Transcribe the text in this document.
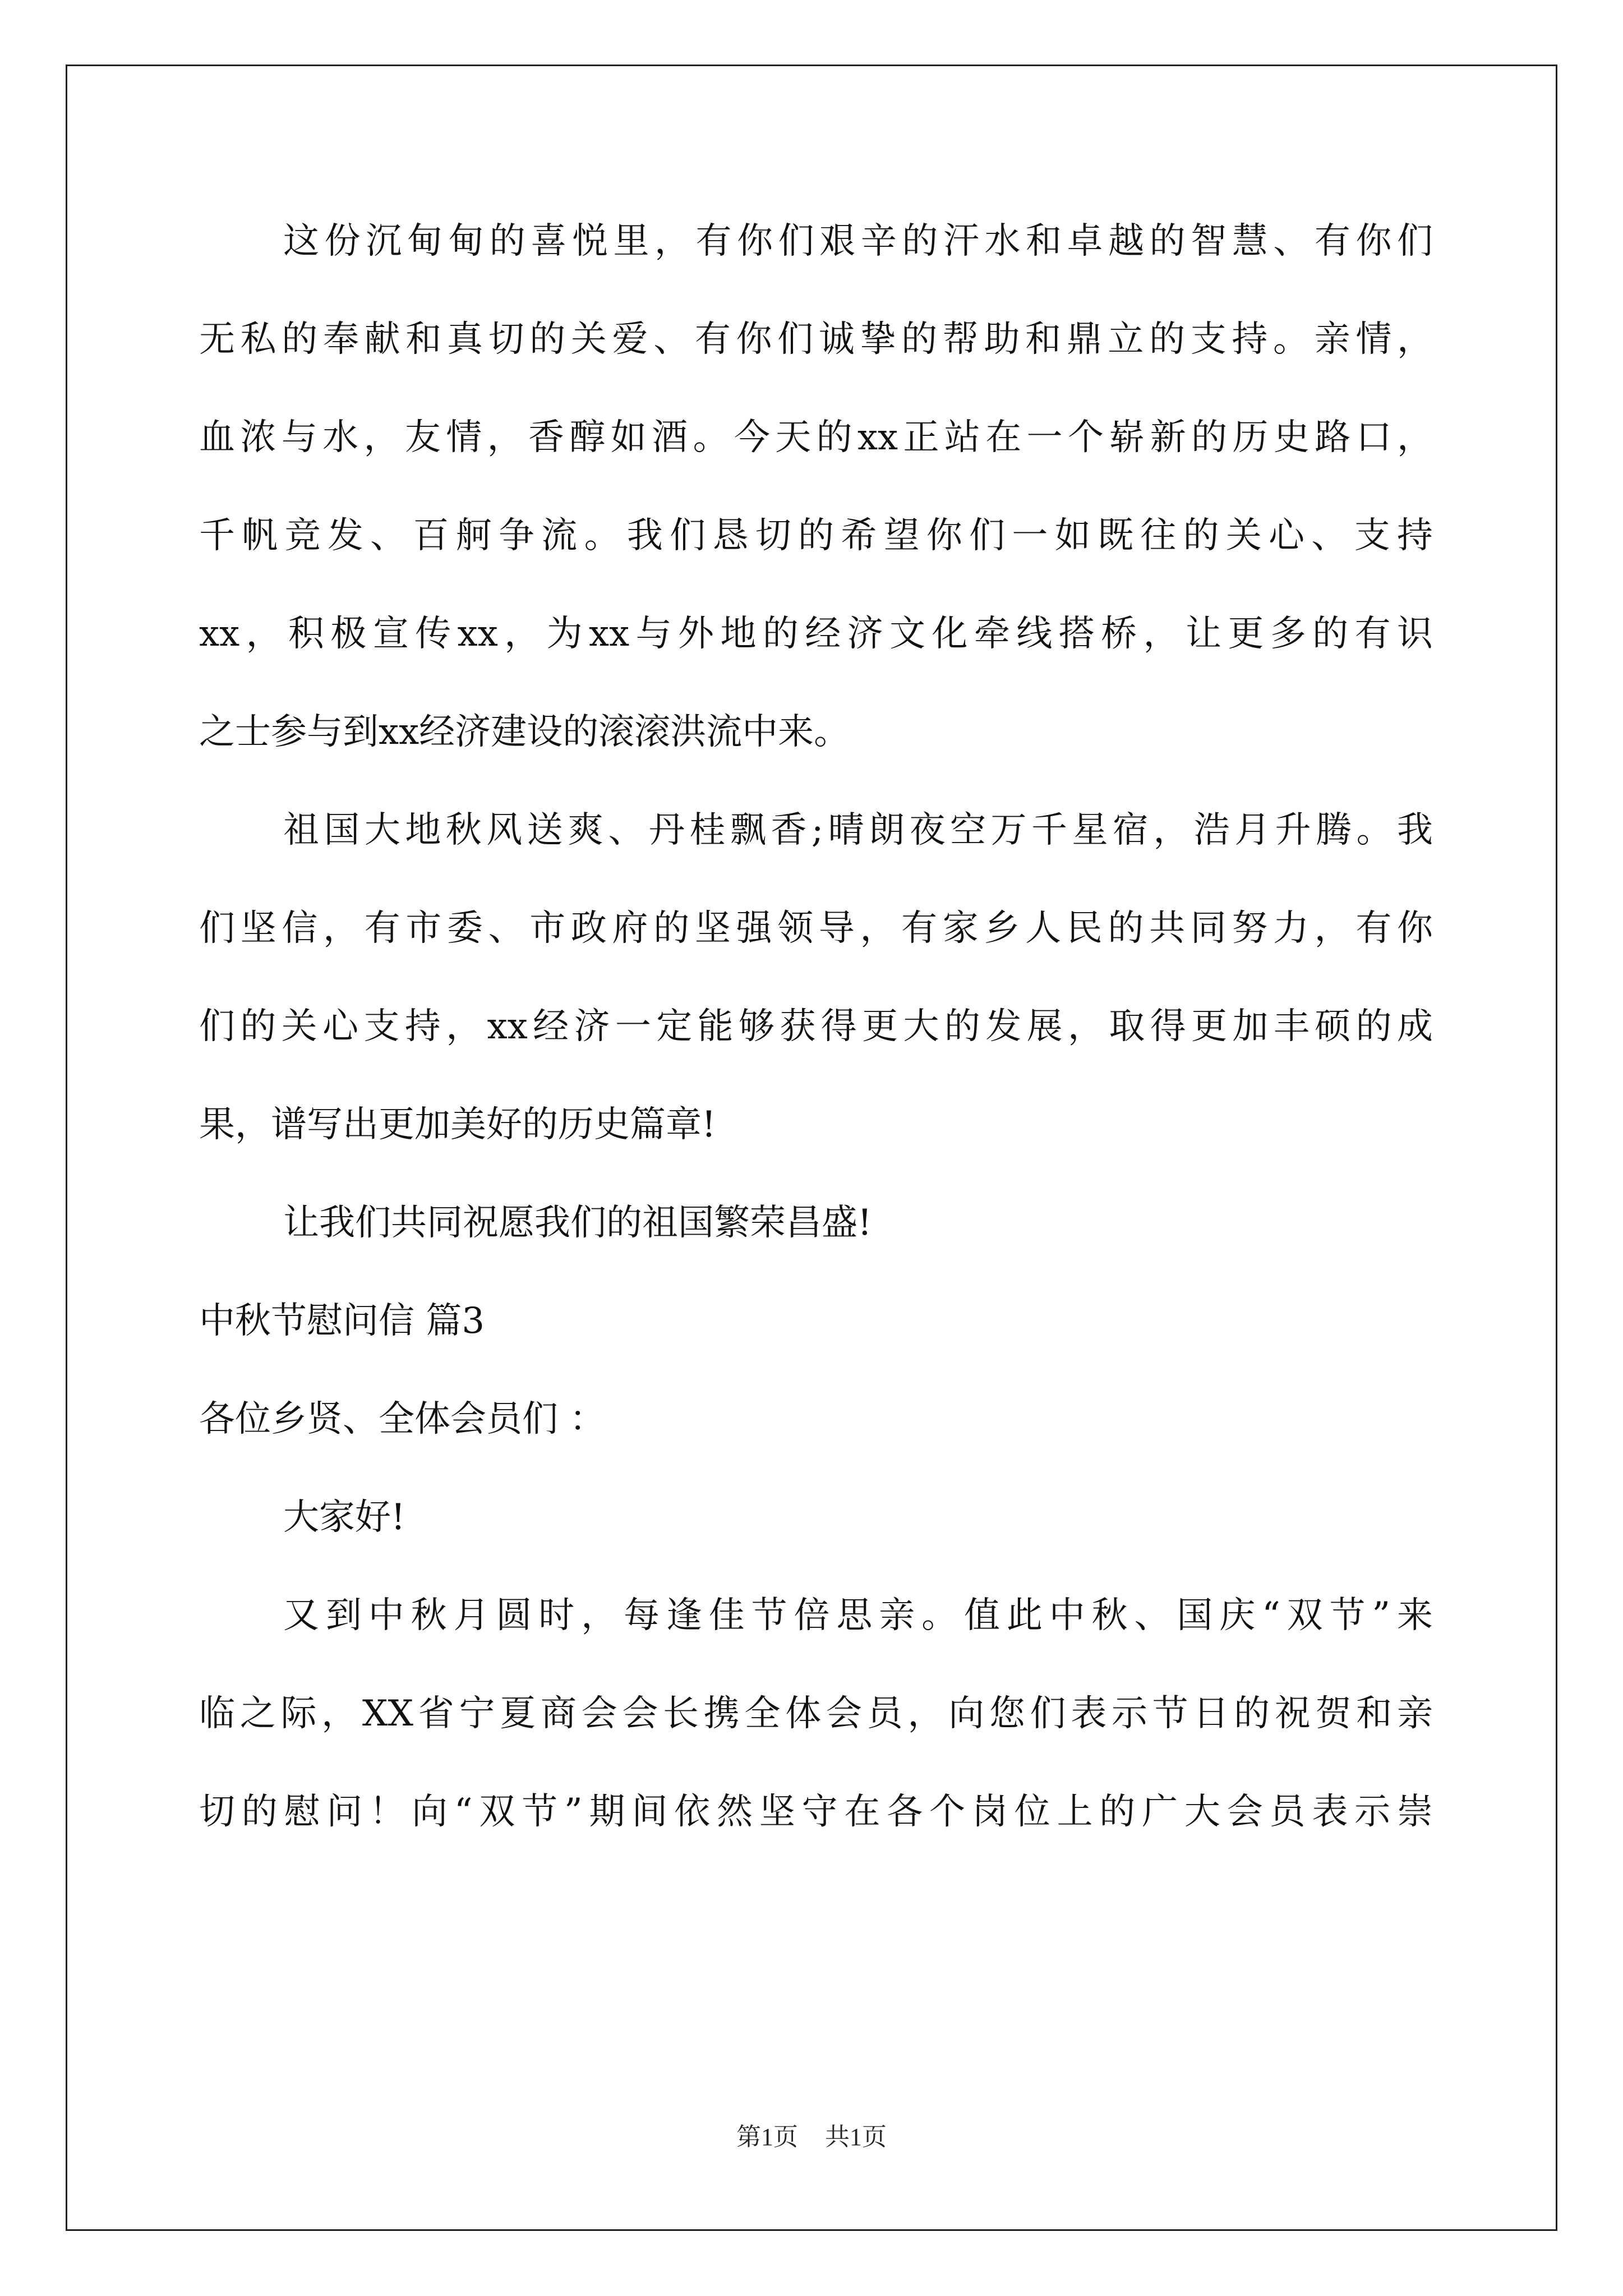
这份沉甸甸的喜悦里，有你们艰辛的汗水和卓越的智慧、有你们
无私的奉献和真切的关爱、有你们诚挚的帮助和鼎立的支持。亲情，
血浓与水，友情，香醇如酒。今天的xx正站在一个崭新的历史路口，
千帆竞发、百舸争流。我们恳切的希望你们一如既往的关心、支持
xx，积极宣传xx，为xx与外地的经济文化牵线搭桥，让更多的有识
之士参与到xx经济建设的滚滚洪流中来。
祖国大地秋风送爽、丹桂飘香;晴朗夜空万千星宿，浩月升腾。我
们坚信，有市委、市政府的坚强领导，有家乡人民的共同努力，有你
们的关心支持，xx经济一定能够获得更大的发展，取得更加丰硕的成
果，谱写出更加美好的历史篇章!
让我们共同祝愿我们的祖国繁荣昌盛!
中秋节慰问信 篇3
各位乡贤、全体会员们 ：
大家好!
又到中秋月圆时，每逢佳节倍思亲。值此中秋、国庆“双节”来
临之际，XX省宁夏商会会长携全体会员，向您们表示节日的祝贺和亲
切的慰问！向“双节”期间依然坚守在各个岗位上的广大会员表示崇
第1页 共1页
